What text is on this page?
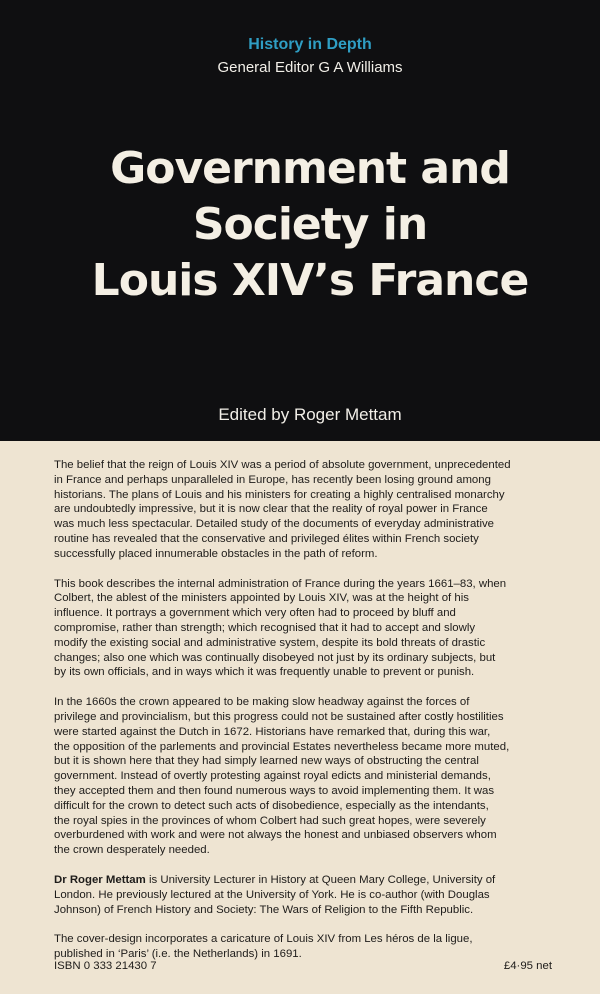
History in Depth
General Editor G A Williams
Government and
Society in
Louis XIV’s France
Edited by Roger Mettam

The belief that the reign of Louis XIV was a period of absolute government, unprecedented
in France and perhaps unparalleled in Europe, has recently been losing ground among
historians. The plans of Louis and his ministers for creating a highly centralised monarchy
are undoubtedly impressive, but it is now clear that the reality of royal power in France
was much less spectacular. Detailed study of the documents of everyday administrative
routine has revealed that the conservative and privileged élites within French society
successfully placed innumerable obstacles in the path of reform.

This book describes the internal administration of France during the years 1661–83, when
Colbert, the ablest of the ministers appointed by Louis XIV, was at the height of his
influence. It portrays a government which very often had to proceed by bluff and
compromise, rather than strength; which recognised that it had to accept and slowly
modify the existing social and administrative system, despite its bold threats of drastic
changes; also one which was continually disobeyed not just by its ordinary subjects, but
by its own officials, and in ways which it was frequently unable to prevent or punish.

In the 1660s the crown appeared to be making slow headway against the forces of
privilege and provincialism, but this progress could not be sustained after costly hostilities
were started against the Dutch in 1672. Historians have remarked that, during this war,
the opposition of the parlements and provincial Estates nevertheless became more muted,
but it is shown here that they had simply learned new ways of obstructing the central
government. Instead of overtly protesting against royal edicts and ministerial demands,
they accepted them and then found numerous ways to avoid implementing them. It was
difficult for the crown to detect such acts of disobedience, especially as the intendants,
the royal spies in the provinces of whom Colbert had such great hopes, were severely
overburdened with work and were not always the honest and unbiased observers whom
the crown desperately needed.

Dr Roger Mettam is University Lecturer in History at Queen Mary College, University of
London. He previously lectured at the University of York. He is co-author (with Douglas
Johnson) of French History and Society: The Wars of Religion to the Fifth Republic.

The cover-design incorporates a caricature of Louis XIV from Les héros de la ligue,
published in ‘Paris’ (i.e. the Netherlands) in 1691.

ISBN 0 333 21430 7	£4·95 net
